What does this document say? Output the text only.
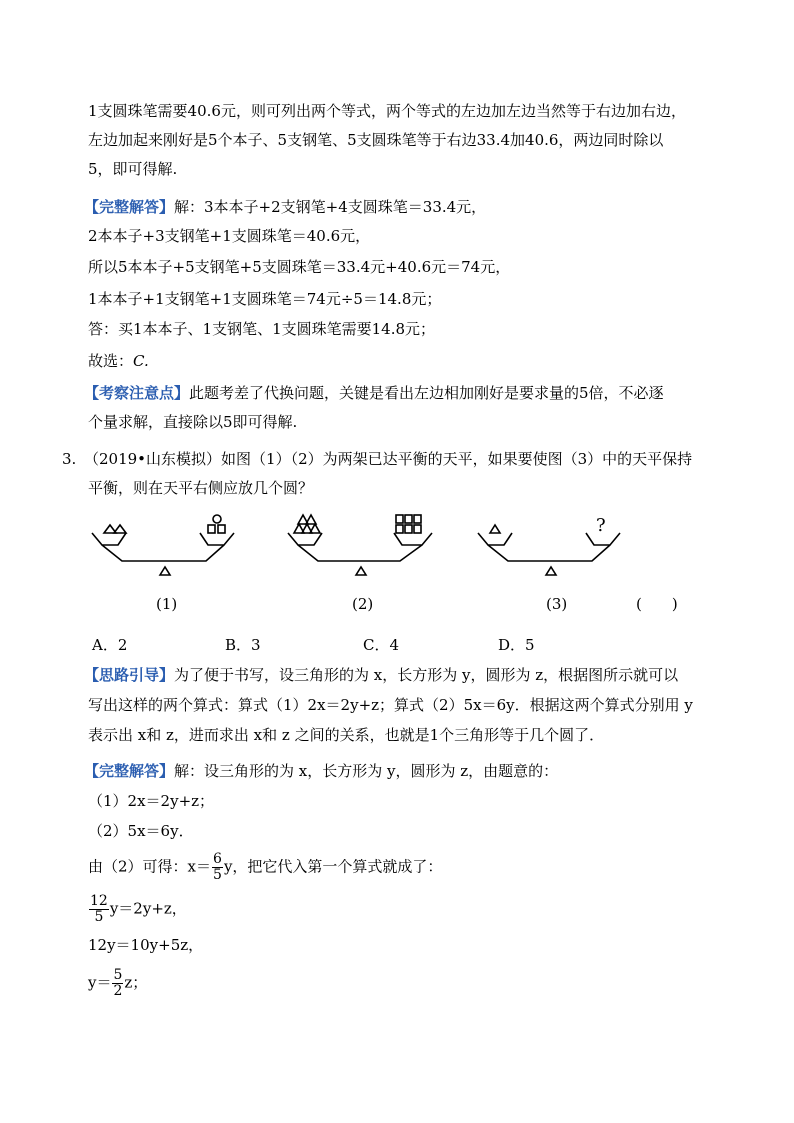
1支圆珠笔需要40.6元，则可列出两个等式，两个等式的左边加左边当然等于右边加右边，
左边加起来刚好是5个本子、5支钢笔、5支圆珠笔等于右边33.4加40.6，两边同时除以
5，即可得解.
【完整解答】解：3本本子+2支钢笔+4支圆珠笔＝33.4元，
2本本子+3支钢笔+1支圆珠笔＝40.6元，
所以5本本子+5支钢笔+5支圆珠笔＝33.4元+40.6元＝74元，
1本本子+1支钢笔+1支圆珠笔＝74元÷5＝14.8元；
答：买1本本子、1支钢笔、1支圆珠笔需要14.8元；
故选：C.
【考察注意点】此题考差了代换问题，关键是看出左边相加刚好是要求量的5倍，不必逐
个量求解，直接除以5即可得解.
3. （2019•山东模拟）如图（1）（2）为两架已达平衡的天平，如果要使图（3）中的天平保持
平衡，则在天平右侧应放几个圆？
(1)	(2)	(3)
?
(　　)
A．2	B．3	C．4	D．5
【思路引导】为了便于书写，设三角形的为 x，长方形为 y，圆形为 z，根据图所示就可以
写出这样的两个算式：算式（1）2x＝2y+z；算式（2）5x＝6y．根据这两个算式分别用 y
表示出 x和 z，进而求出 x和 z 之间的关系，也就是1个三角形等于几个圆了．
【完整解答】解：设三角形的为 x，长方形为 y，圆形为 z，由题意的：
（1）2x＝2y+z；
（2）5x＝6y．
由（2）可得：$x= \frac{6}{5}$ y，把它代入第一个算式就成了：
$\frac{12}{5} y=2y+z$，
12y＝10y+5z，
$y= \frac{5}{2}$ z；
